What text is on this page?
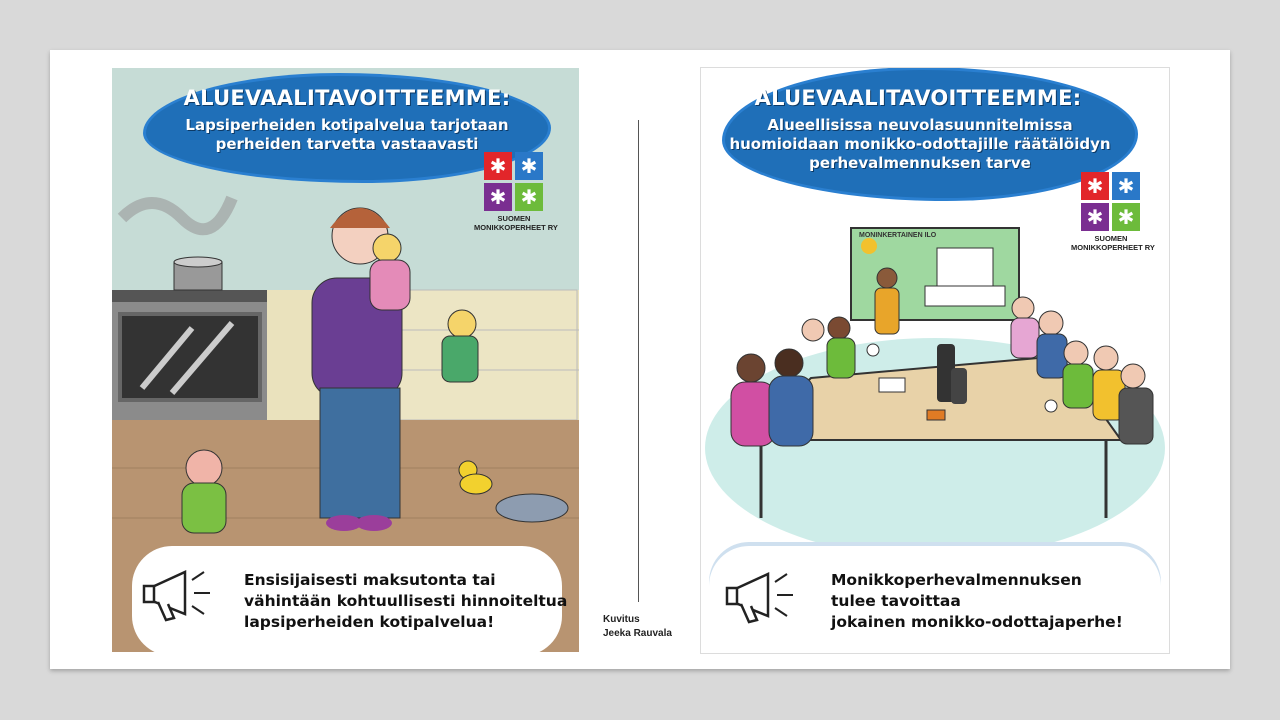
ALUEVAALITAVOITTEEMME:
Lapsiperheiden kotipalvelua tarjotaan
perheiden tarvetta vastaavasti
✱ ✱
✱ ✱
SUOMEN
MONIKKOPERHEET RY
Ensisijaisesti maksutonta tai
vähintään kohtuullisesti hinnoiteltua
lapsiperheiden kotipalvelua!	Kuvitus
Jeeka Rauvala
ALUEVAALITAVOITTEEMME:
Alueellisissa neuvolasuunnitelmissa
huomioidaan monikko-odottajille räätälöidyn
perhevalmennuksen tarve
MONINKERTAINEN ILO
✱ ✱
✱ ✱
SUOMEN
MONIKKOPERHEET RY
Monikkoperhevalmennuksen
tulee tavoittaa
jokainen monikko-odottajaperhe!
